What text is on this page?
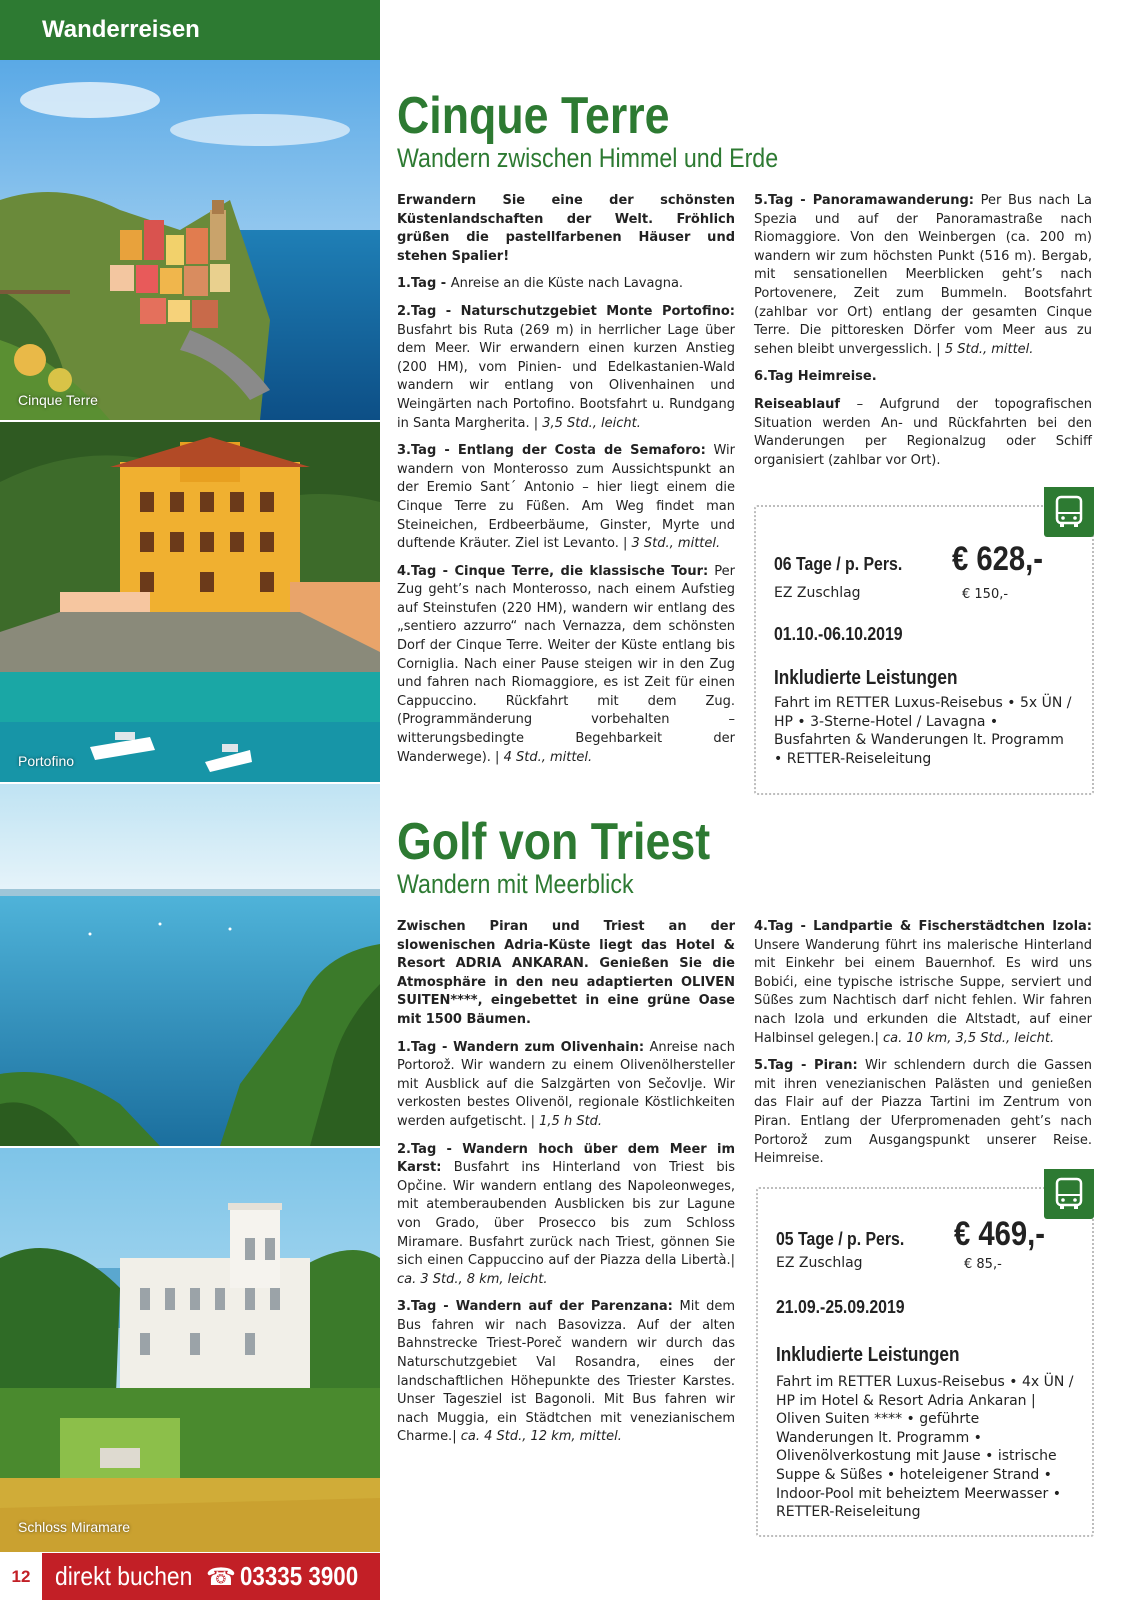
Wanderreisen
Cinque Terre
Portofino
Schloss Miramare
12 direkt buchen ☎ 03335 3900
Cinque Terre
Wandern zwischen Himmel und Erde

Erwandern Sie eine der schönsten Küstenlandschaften der Welt. Fröhlich grüßen die pastellfarbenen Häuser und stehen Spalier!

1.Tag - Anreise an die Küste nach Lavagna.

2.Tag - Naturschutzgebiet Monte Portofino: Busfahrt bis Ruta (269 m) in herrlicher Lage über dem Meer. Wir erwandern einen kurzen Anstieg (200 HM), vom Pinien- und Edelkastanien-Wald wandern wir entlang von Olivenhainen und Weingärten nach Portofino. Bootsfahrt u. Rundgang in Santa Margherita. | 3,5 Std., leicht.

3.Tag - Entlang der Costa de Semaforo: Wir wandern von Monterosso zum Aussichtspunkt an der Eremio Sant´ Antonio – hier liegt einem die Cinque Terre zu Füßen. Am Weg findet man Steineichen, Erdbeerbäume, Ginster, Myrte und duftende Kräuter. Ziel ist Levanto. | 3 Std., mittel.

4.Tag - Cinque Terre, die klassische Tour: Per Zug geht’s nach Monterosso, nach einem Aufstieg auf Steinstufen (220 HM), wandern wir entlang des „sentiero azzurro“ nach Vernazza, dem schönsten Dorf der Cinque Terre. Weiter der Küste entlang bis Corniglia. Nach einer Pause steigen wir in den Zug und fahren nach Riomaggiore, es ist Zeit für einen Cappuccino. Rückfahrt mit dem Zug. (Programmänderung vorbehalten – witterungsbedingte Begehbarkeit der Wanderwege). | 4 Std., mittel.

5.Tag - Panoramawanderung: Per Bus nach La Spezia und auf der Panoramastraße nach Riomaggiore. Von den Weinbergen (ca. 200 m) wandern wir zum höchsten Punkt (516 m). Bergab, mit sensationellen Meerblicken geht’s nach Portovenere, Zeit zum Bummeln. Bootsfahrt (zahlbar vor Ort) entlang der gesamten Cinque Terre. Die pittoresken Dörfer vom Meer aus zu sehen bleibt unvergesslich. | 5 Std., mittel.

6.Tag Heimreise.

Reiseablauf – Aufgrund der topografischen Situation werden An- und Rückfahrten bei den Wanderungen per Regionalzug oder Schiff organisiert (zahlbar vor Ort).

06 Tage / p. Pers. € 628,-
EZ Zuschlag	€ 150,-
01.10.-06.10.2019
Inkludierte Leistungen
Fahrt im RETTER Luxus-Reisebus • 5x ÜN / HP • 3-Sterne-Hotel / Lavagna • Busfahrten & Wanderungen lt. Programm • RETTER-Reiseleitung
Golf von Triest
Wandern mit Meerblick

Zwischen Piran und Triest an der slowenischen Adria-Küste liegt das Hotel & Resort ADRIA ANKARAN. Genießen Sie die Atmosphäre in den neu adaptierten OLIVEN SUITEN****, eingebettet in eine grüne Oase mit 1500 Bäumen.

1.Tag - Wandern zum Olivenhain: Anreise nach Portorož. Wir wandern zu einem Olivenölhersteller mit Ausblick auf die Salzgärten von Sečovlje. Wir verkosten bestes Olivenöl, regionale Köstlichkeiten werden aufgetischt. | 1,5 h Std.

2.Tag - Wandern hoch über dem Meer im Karst: Busfahrt ins Hinterland von Triest bis Opčine. Wir wandern entlang des Napoleonweges, mit atemberaubenden Ausblicken bis zur Lagune von Grado, über Prosecco bis zum Schloss Miramare. Busfahrt zurück nach Triest, gönnen Sie sich einen Cappuccino auf der Piazza della Libertà.| ca. 3 Std., 8 km, leicht.

3.Tag - Wandern auf der Parenzana: Mit dem Bus fahren wir nach Basovizza. Auf der alten Bahnstrecke Triest-Poreč wandern wir durch das Naturschutzgebiet Val Rosandra, eines der landschaftlichen Höhepunkte des Triester Karstes. Unser Tagesziel ist Bagonoli. Mit Bus fahren wir nach Muggia, ein Städtchen mit venezianischem Charme.| ca. 4 Std., 12 km, mittel.

4.Tag - Landpartie & Fischerstädtchen Izola: Unsere Wanderung führt ins malerische Hinterland mit Einkehr bei einem Bauernhof. Es wird uns Bobići, eine typische istrische Suppe, serviert und Süßes zum Nachtisch darf nicht fehlen. Wir fahren nach Izola und erkunden die Altstadt, auf einer Halbinsel gelegen.| ca. 10 km, 3,5 Std., leicht.

5.Tag - Piran: Wir schlendern durch die Gassen mit ihren venezianischen Palästen und genießen das Flair auf der Piazza Tartini im Zentrum von Piran. Entlang der Uferpromenaden geht’s nach Portorož zum Ausgangspunkt unserer Reise. Heimreise.

05 Tage / p. Pers. € 469,-
EZ Zuschlag	€ 85,-
21.09.-25.09.2019
Inkludierte Leistungen
Fahrt im RETTER Luxus-Reisebus • 4x ÜN / HP im Hotel & Resort Adria Ankaran | Oliven Suiten **** • geführte Wanderungen lt. Programm • Olivenölverkostung mit Jause • istrische Suppe & Süßes • hoteleigener Strand • Indoor-Pool mit beheiztem Meerwasser • RETTER-Reiseleitung
